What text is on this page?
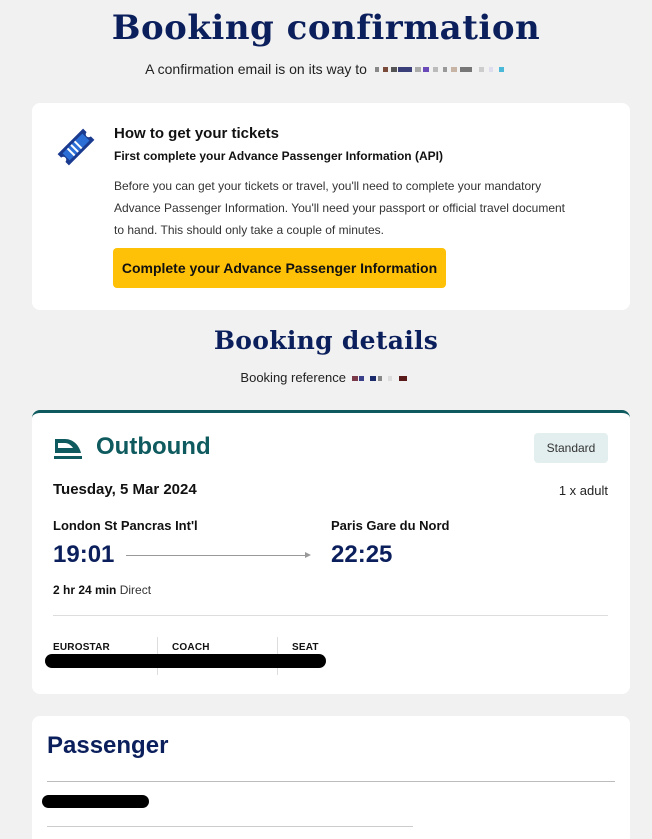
Booking confirmation
A confirmation email is on its way to
How to get your tickets
First complete your Advance Passenger Information (API)
Before you can get your tickets or travel, you'll need to complete your mandatory Advance Passenger Information. You'll need your passport or official travel document to hand. This should only take a couple of minutes.
Complete your Advance Passenger Information
Booking details
Booking reference
Outbound	Standard
Tuesday, 5 Mar 2024	1 x adult
London St Pancras Int'l	Paris Gare du Nord
19:01	22:25
2 hr 24 min Direct
EUROSTAR	COACH	SEAT
Passenger
